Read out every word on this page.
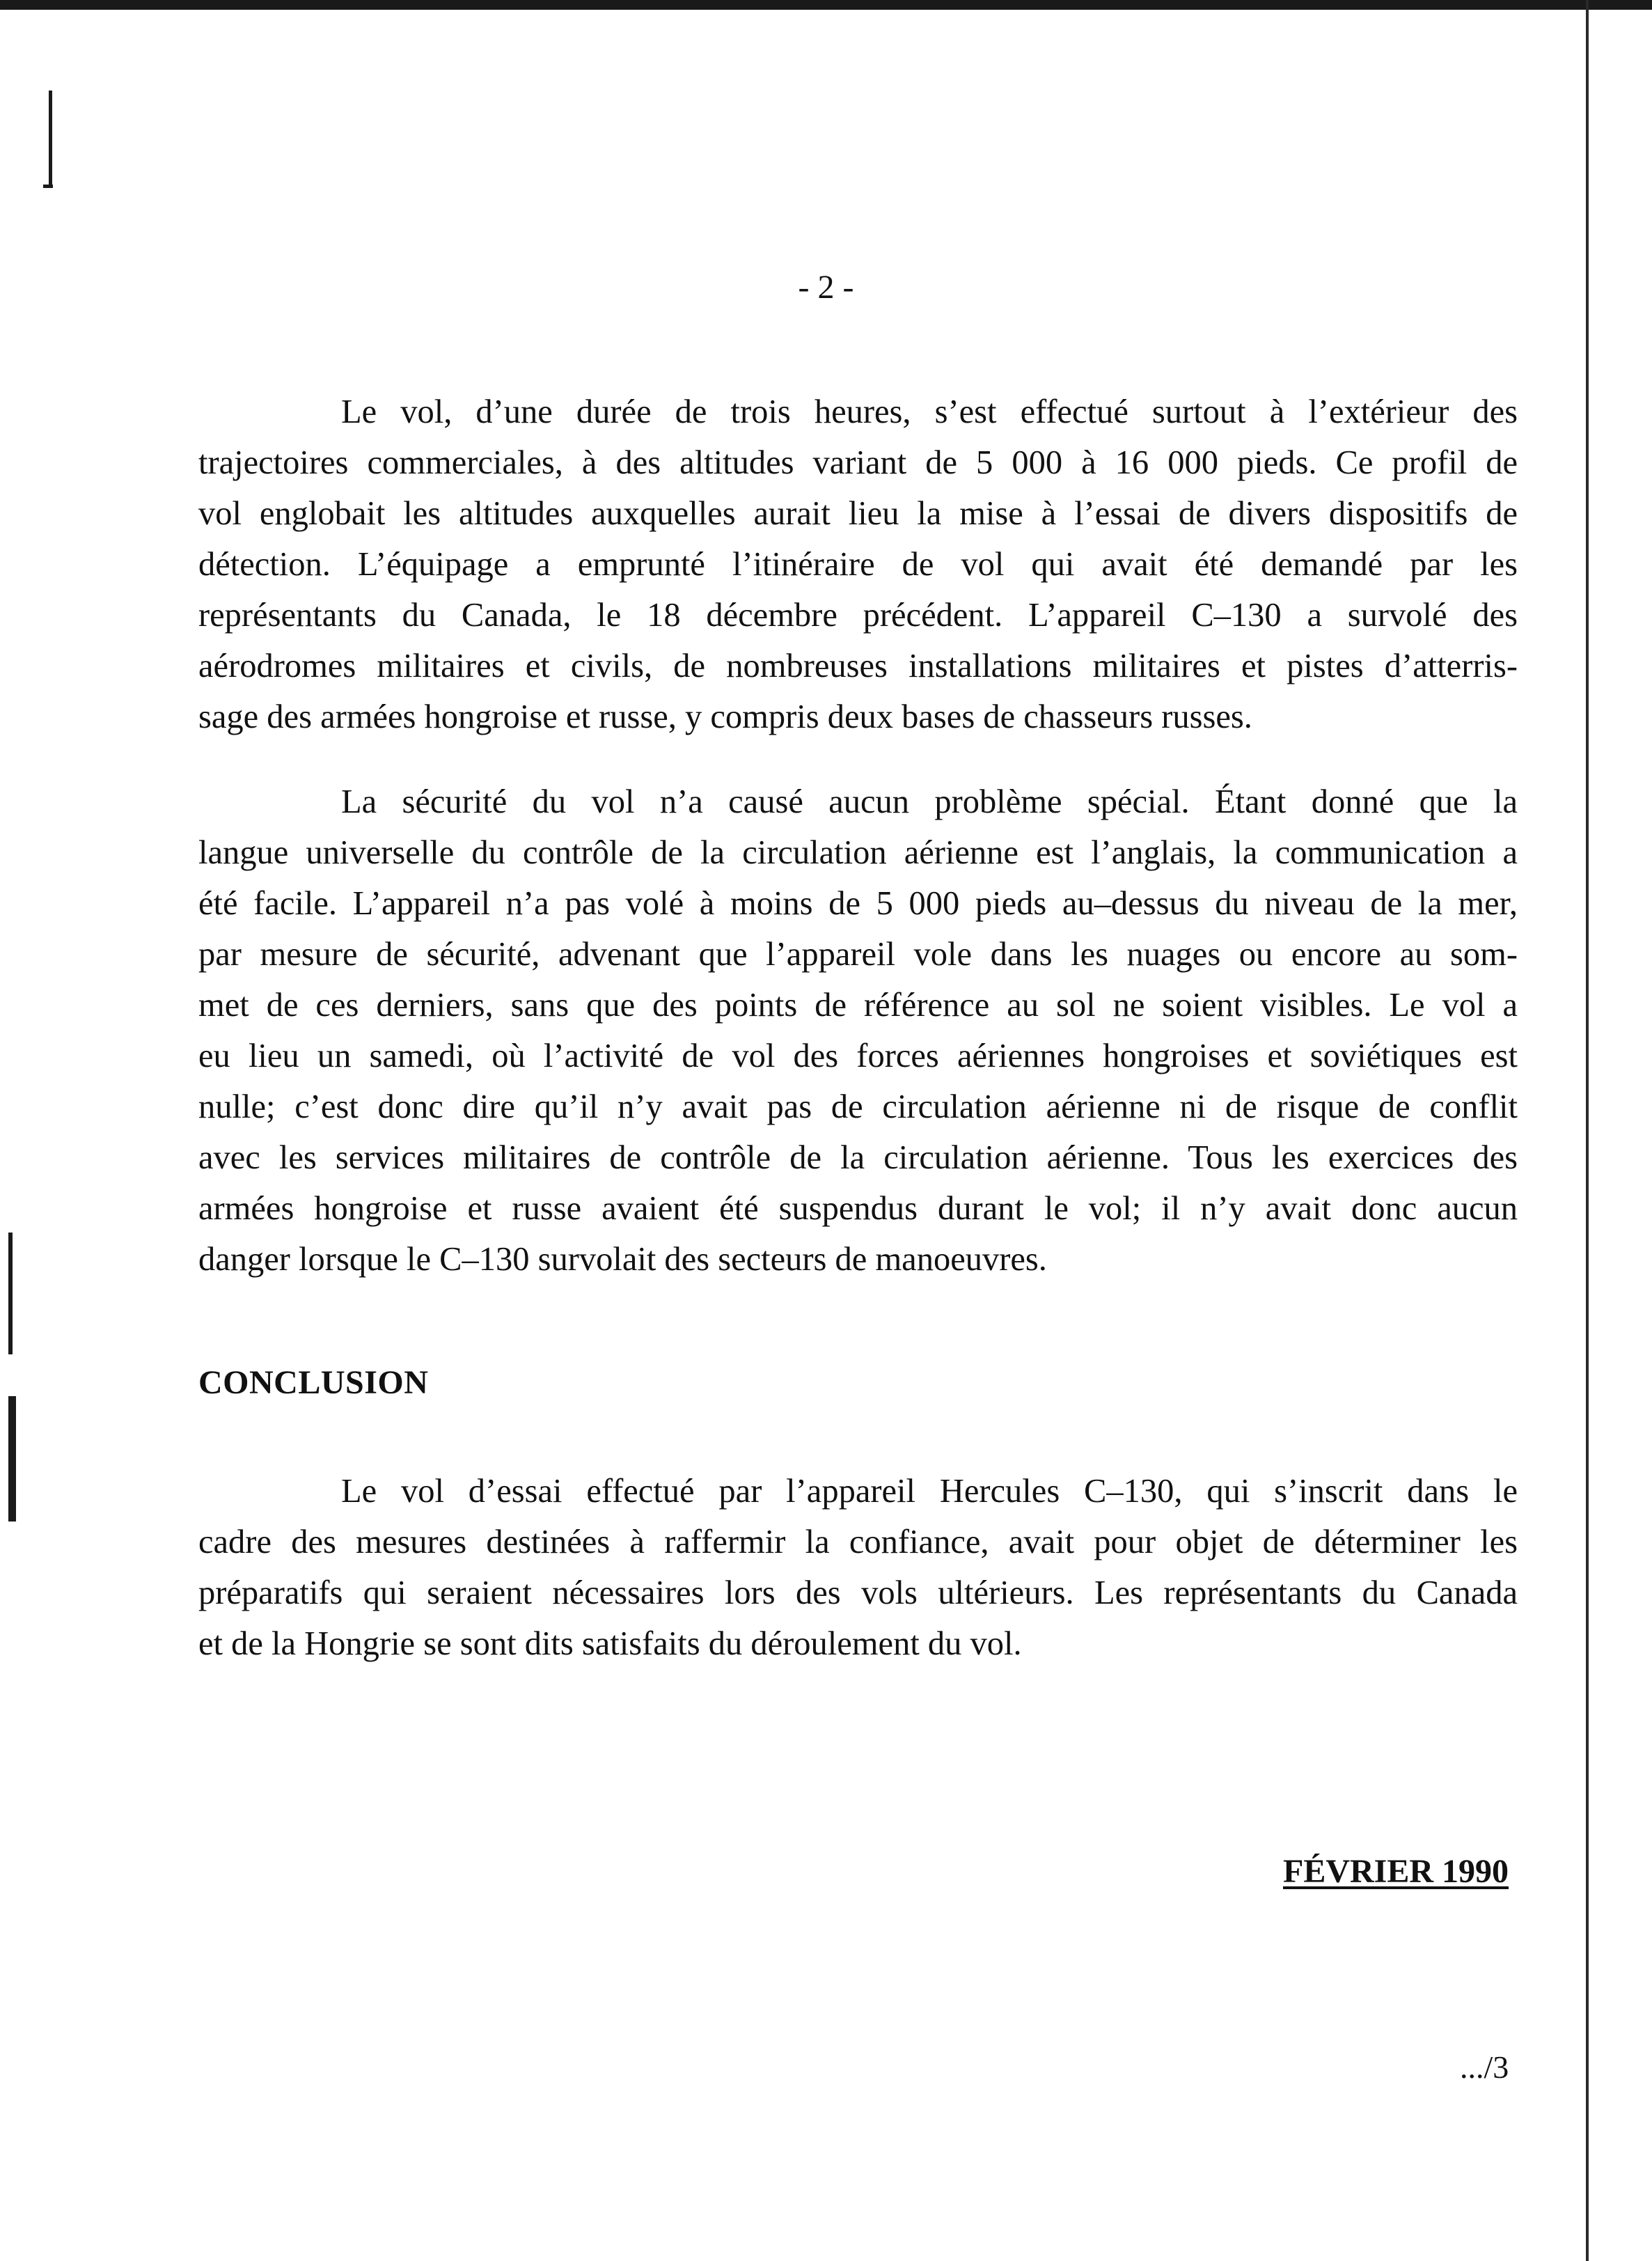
- 2 -
Le vol, d’une durée de trois heures, s’est effectué surtout à l’extérieur des
trajectoires commerciales, à des altitudes variant de 5 000 à 16 000 pieds. Ce profil de
vol englobait les altitudes auxquelles aurait lieu la mise à l’essai de divers dispositifs de
détection. L’équipage a emprunté l’itinéraire de vol qui avait été demandé par les
représentants du Canada, le 18 décembre précédent. L’appareil C–130 a survolé des
aérodromes militaires et civils, de nombreuses installations militaires et pistes d’atterris-
sage des armées hongroise et russe, y compris deux bases de chasseurs russes.
La sécurité du vol n’a causé aucun problème spécial. Étant donné que la
langue universelle du contrôle de la circulation aérienne est l’anglais, la communication a
été facile. L’appareil n’a pas volé à moins de 5 000 pieds au–dessus du niveau de la mer,
par mesure de sécurité, advenant que l’appareil vole dans les nuages ou encore au som-
met de ces derniers, sans que des points de référence au sol ne soient visibles. Le vol a
eu lieu un samedi, où l’activité de vol des forces aériennes hongroises et soviétiques est
nulle; c’est donc dire qu’il n’y avait pas de circulation aérienne ni de risque de conflit
avec les services militaires de contrôle de la circulation aérienne. Tous les exercices des
armées hongroise et russe avaient été suspendus durant le vol; il n’y avait donc aucun
danger lorsque le C–130 survolait des secteurs de manoeuvres.
CONCLUSION
Le vol d’essai effectué par l’appareil Hercules C–130, qui s’inscrit dans le
cadre des mesures destinées à raffermir la confiance, avait pour objet de déterminer les
préparatifs qui seraient nécessaires lors des vols ultérieurs. Les représentants du Canada
et de la Hongrie se sont dits satisfaits du déroulement du vol.
FÉVRIER 1990
.../3
